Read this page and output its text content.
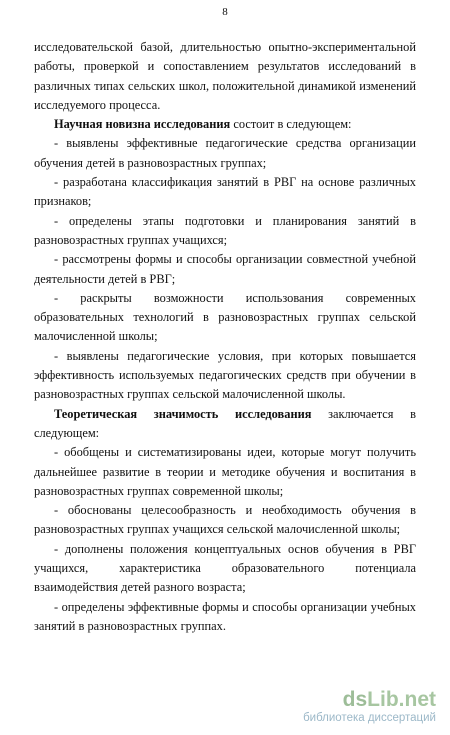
8

исследовательской базой, длительностью опытно-экспериментальной работы, проверкой и сопоставлением результатов исследований в различных типах сельских школ, положительной динамикой изменений исследуемого процесса.

Научная новизна исследования состоит в следующем:

- выявлены эффективные педагогические средства организации обучения детей в разновозрастных группах;

- разработана классификация занятий в РВГ на основе различных признаков;

- определены этапы подготовки и планирования занятий в разновозрастных группах учащихся;

- рассмотрены формы и способы организации совместной учебной деятельности детей в РВГ;

- раскрыты возможности использования современных образовательных технологий в разновозрастных группах сельской малочисленной школы;

- выявлены педагогические условия, при которых повышается эффективность используемых педагогических средств при обучении в разновозрастных группах сельской малочисленной школы.

Теоретическая значимость исследования заключается в следующем:

- обобщены и систематизированы идеи, которые могут получить дальнейшее развитие в теории и методике обучения и воспитания в разновозрастных группах современной школы;

- обоснованы целесообразность и необходимость обучения в разновозрастных группах учащихся сельской малочисленной школы;

- дополнены положения концептуальных основ обучения в РВГ учащихся, характеристика образовательного потенциала взаимодействия детей разного возраста;

- определены эффективные формы и способы организации учебных занятий в разновозрастных группах.

dsLib.net
библиотека диссертаций
